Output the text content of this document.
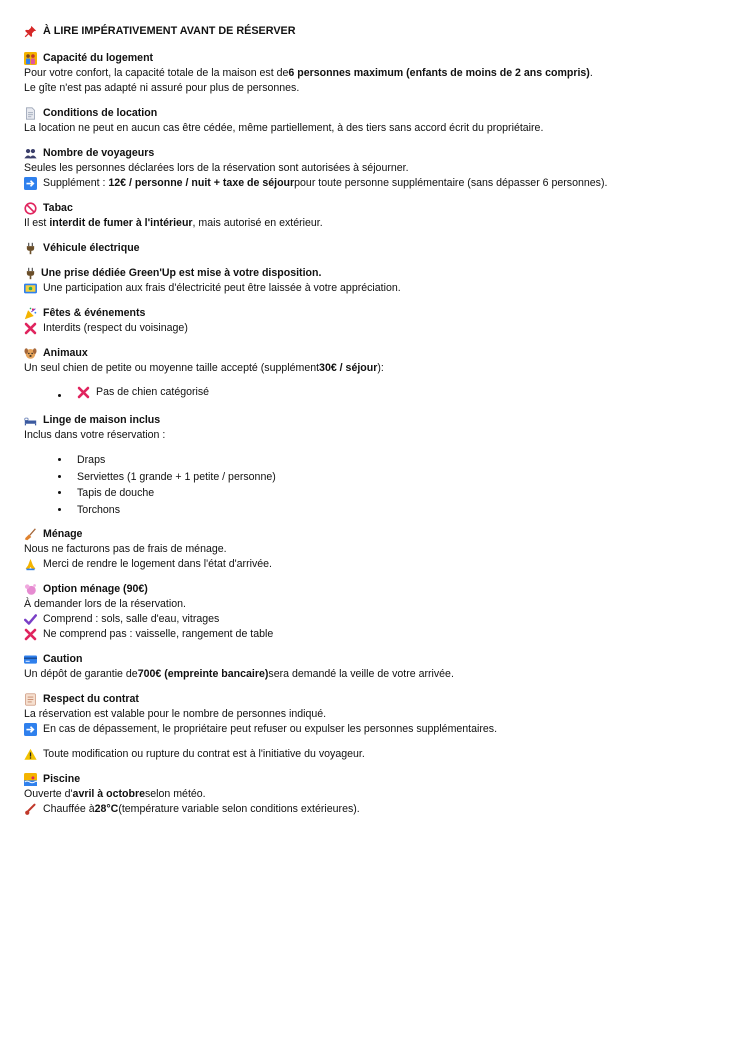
À LIRE IMPÉRATIVEMENT AVANT DE RÉSERVER
Capacité du logement
Pour votre confort, la capacité totale de la maison est de 6 personnes maximum (enfants de moins de 2 ans compris) .
Le gîte n'est pas adapté ni assuré pour plus de personnes.
Conditions de location
La location ne peut en aucun cas être cédée, même partiellement, à des tiers sans accord écrit du propriétaire.
Nombre de voyageurs
Seules les personnes déclarées lors de la réservation sont autorisées à séjourner.
Supplément :
12€ / personne / nuit + taxe de séjour pour toute personne supplémentaire (sans dépasser 6 personnes).
Tabac
Il est
interdit de fumer à l'intérieur , mais autorisé en extérieur.
Véhicule électrique
Une prise dédiée Green'Up est mise à votre disposition.
Une participation aux frais d'électricité peut être laissée à votre appréciation.
Fêtes & événements
Interdits (respect du voisinage)
Animaux
Un seul chien de petite ou moyenne taille accepté (supplément 30€ / séjour ):
• Pas de chien catégorisé
Linge de maison inclus
Inclus dans votre réservation :
• Draps
• Serviettes (1 grande + 1 petite / personne)
• Tapis de douche
• Torchons
Ménage
Nous ne facturons pas de frais de ménage.
Merci de rendre le logement dans l'état d'arrivée.
Option ménage (90€)
À demander lors de la réservation.
Comprend : sols, salle d'eau, vitrages
Ne comprend pas : vaisselle, rangement de table
Caution
Un dépôt de garantie de 700€ (empreinte bancaire) sera demandé la veille de votre arrivée.
Respect du contrat
La réservation est valable pour le nombre de personnes indiqué.
En cas de dépassement, le propriétaire peut refuser ou expulser les personnes supplémentaires.
Toute modification ou rupture du contrat est à l'initiative du voyageur.
Piscine
Ouverte d' avril à octobre selon météo.
Chauffée à 28°C (température variable selon conditions extérieures).
